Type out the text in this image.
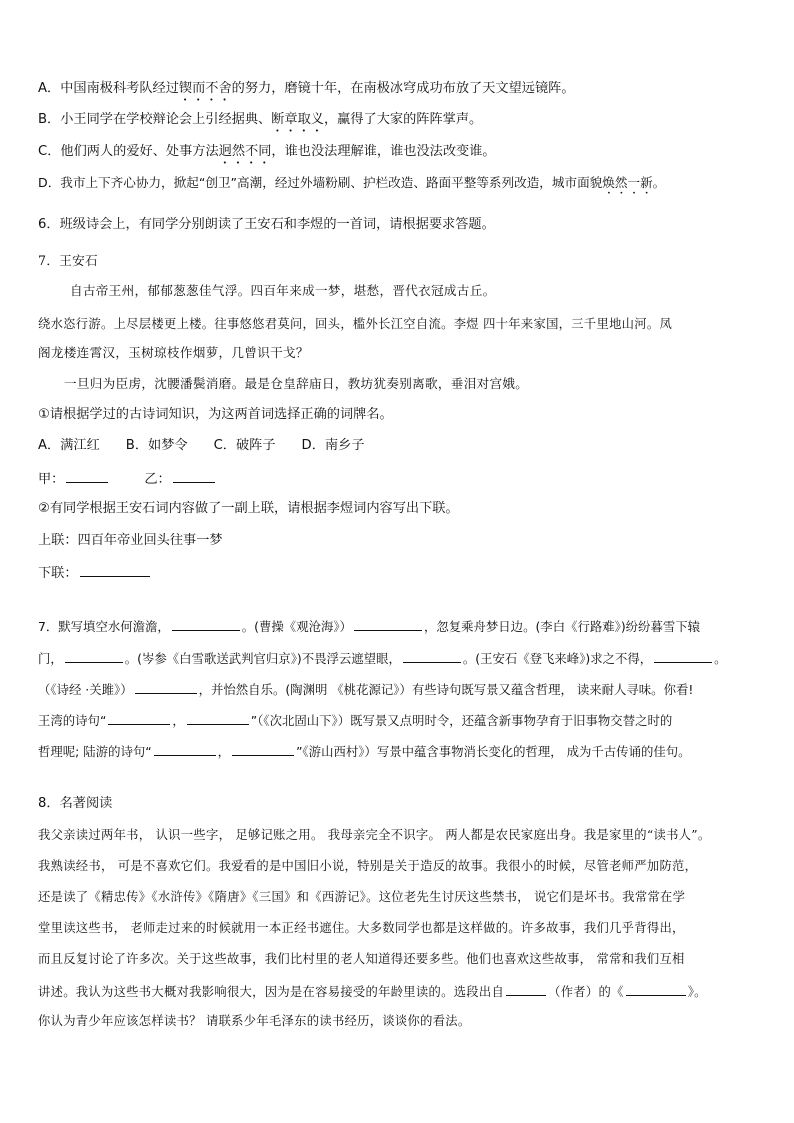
A．中国南极科考队经过锲而不舍的努力，磨镜十年，在南极冰穹成功布放了天文望远镜阵。
B．小王同学在学校辩论会上引经据典、断章取义，赢得了大家的阵阵掌声。
C．他们两人的爱好、处事方法迥然不同，谁也没法理解谁，谁也没法改变谁。
D．我市上下齐心协力，掀起“创卫”高潮，经过外墙粉刷、护栏改造、路面平整等系列改造，城市面貌焕然一新。
6．班级诗会上，有同学分别朗读了王安石和李煜的一首词，请根据要求答题。
7．王安石
自古帝王州，郁郁葱葱佳气浮。四百年来成一梦，堪愁，晋代衣冠成古丘。
绕水恣行游。上尽层楼更上楼。往事悠悠君莫问，回头，槛外长江空自流。李煜 四十年来家国，三千里地山河。凤
阁龙楼连霄汉，玉树琼枝作烟萝，几曾识干戈？
一旦归为臣虏，沈腰潘鬓消磨。最是仓皇辞庙日，教坊犹奏别离歌，垂泪对宫娥。
①请根据学过的古诗词知识，为这两首词选择正确的词牌名。
A．满江红 B．如梦令 C．破阵子 D．南乡子
甲：	乙：
②有同学根据王安石词内容做了一副上联，请根据李煜词内容写出下联。
上联：四百年帝业回头往事一梦
下联：
7．默写填空水何澹澹，	。(曹操《观沧海》）	，忽复乘舟梦日边。(李白《行路难》)纷纷暮雪下辕
门，	。(岑参《白雪歌送武判官归京》)不畏浮云遮望眼，	。(王安石《登飞来峰》)求之不得，	。
（《诗经 ·关雎》）	，并怡然自乐。(陶渊明 《桃花源记》）有些诗句既写景又蕴含哲理， 读来耐人寻味。你看!
王湾的诗句“	，	”（《次北固山下》）既写景又点明时令，还蕴含新事物孕育于旧事物交替之时的
哲理呢; 陆游的诗句“	，	”《游山西村》）写景中蕴含事物消长变化的哲理， 成为千古传诵的佳句。
8．名著阅读
我父亲读过两年书， 认识一些字， 足够记账之用。 我母亲完全不识字。 两人都是农民家庭出身。我是家里的“读书人”。
我熟读经书， 可是不喜欢它们。我爱看的是中国旧小说，特别是关于造反的故事。我很小的时候，尽管老师严加防范，
还是读了《精忠传》《水浒传》《隋唐》《三国》和《西游记》。这位老先生讨厌这些禁书， 说它们是坏书。我常常在学
堂里读这些书， 老师走过来的时候就用一本正经书遮住。大多数同学也都是这样做的。许多故事，我们几乎背得出，
而且反复讨论了许多次。关于这些故事，我们比村里的老人知道得还要多些。他们也喜欢这些故事， 常常和我们互相
讲述。我认为这些书大概对我影响很大，因为是在容易接受的年龄里读的。选段出自	（作者）的《	》。
你认为青少年应该怎样读书？ 请联系少年毛泽东的读书经历，谈谈你的看法。
